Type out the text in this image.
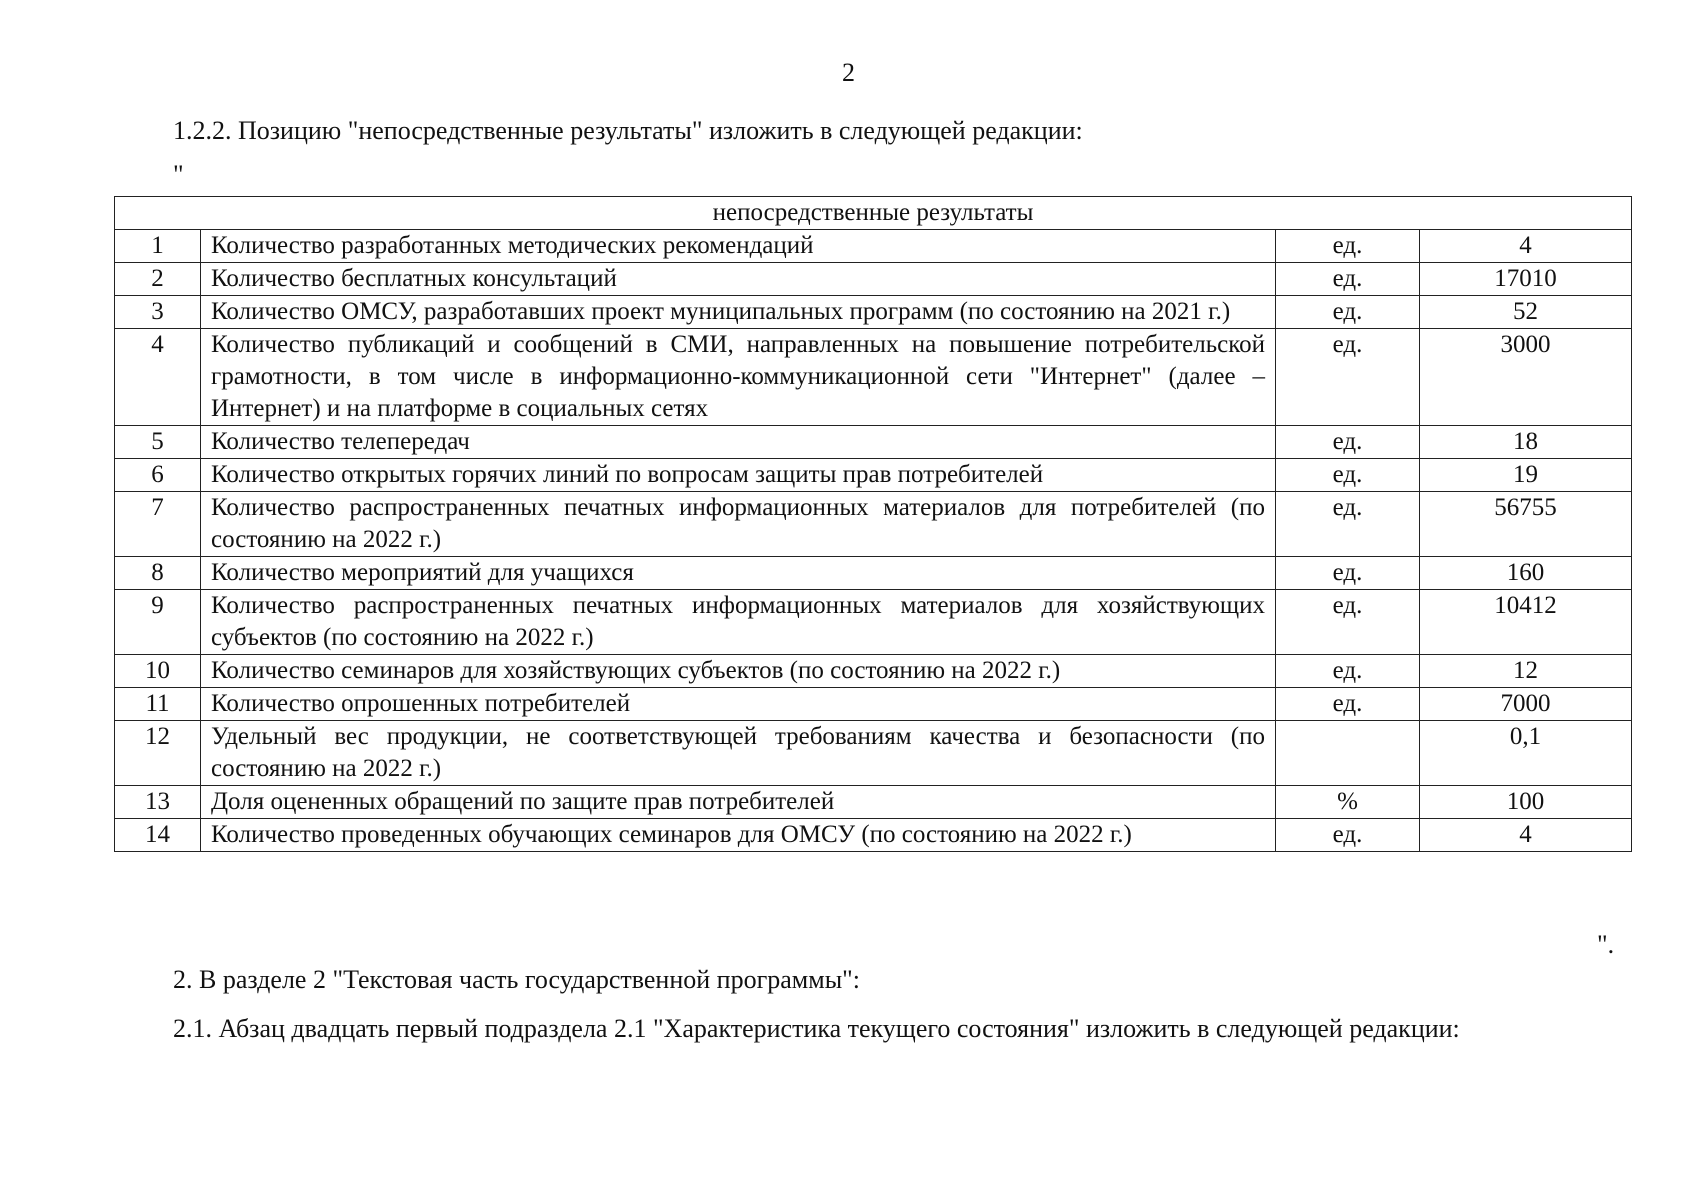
2
1.2.2. Позицию "непосредственные результаты" изложить в следующей редакции:
"
непосредственные результаты			
1	Количество разработанных методических рекомендаций	ед.	4
2	Количество бесплатных консультаций	ед.	17010
3	Количество ОМСУ, разработавших проект муниципальных программ (по состоянию на 2021 г.)	ед.	52
4	Количество публикаций и сообщений в СМИ, направленных на повышение потребительской грамотности, в том числе в информационно-коммуникационной сети "Интернет" (далее – Интернет) и на платформе в социальных сетях	ед.	3000
5	Количество телепередач	ед.	18
6	Количество открытых горячих линий по вопросам защиты прав потребителей	ед.	19
7	Количество распространенных печатных информационных материалов для потребителей (по состоянию на 2022 г.)	ед.	56755
8	Количество мероприятий для учащихся	ед.	160
9	Количество распространенных печатных информационных материалов для хозяйствующих субъектов (по состоянию на 2022 г.)	ед.	10412
10	Количество семинаров для хозяйствующих субъектов (по состоянию на 2022 г.)	ед.	12
11	Количество опрошенных потребителей	ед.	7000
12	Удельный вес продукции, не соответствующей требованиям качества и безопасности (по состоянию на 2022 г.)		0,1
13	Доля оцененных обращений по защите прав потребителей	%	100
14	Количество проведенных обучающих семинаров для ОМСУ (по состоянию на 2022 г.)	ед.	4
".
2. В разделе 2 "Текстовая часть государственной программы":
2.1. Абзац двадцать первый подраздела 2.1 "Характеристика текущего состояния" изложить в следующей редакции:
